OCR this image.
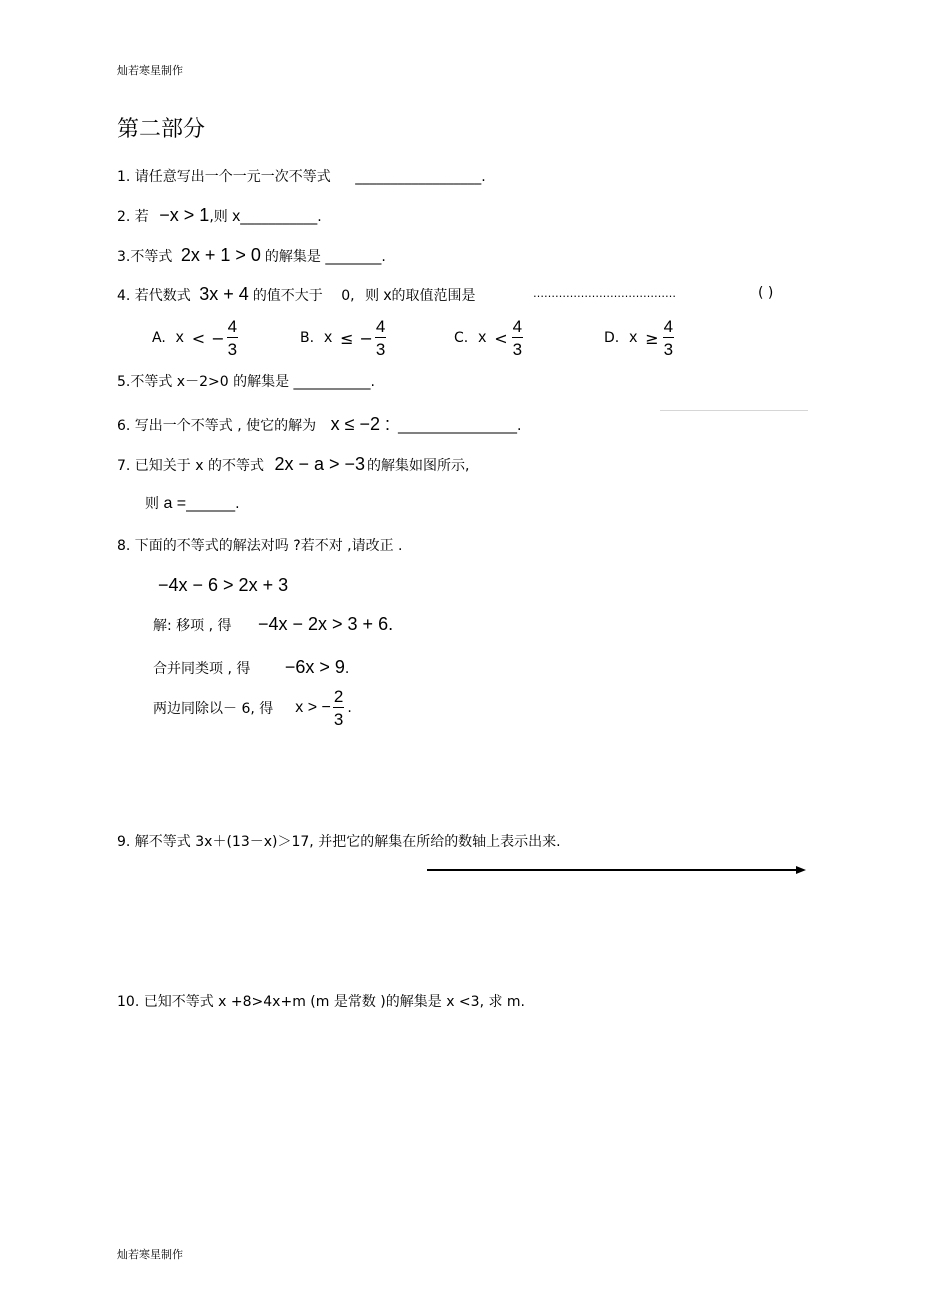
灿若寒星制作
灿若寒星制作
第二部分
1. 请任意写出一个一元一次不等式 __________________.
2. 若 −x > 1,则 x___________.
3.不等式 2x + 1 > 0 的解集是 ________.
4. 若代数式 3x + 4 的值不大于 0, 则 x的取值范围是	…………………………………	( )
A. x < − $\frac{4}{3}$	B. x ≤ − $\frac{4}{3}$	C. $x < \frac{4}{3}$	D. $x \ge \frac{4}{3}$
5.不等式 x－2>0 的解集是 ___________.
6. 写出一个不等式 , 使它的解为 x ≤ −2 : _________________.
7. 已知关于 x 的不等式 2x − a > −3 的解集如图所示,
则 a =_______.
8. 下面的不等式的解法对吗 ?若不对 ,请改正 .
−4x − 6 > 2x + 3
解: 移项 , 得 −4x − 2x > 3 + 6.
合并同类项 , 得 −6x > 9.
两边同除以－ 6, 得 x > − $\frac{2}{3}$ .
9. 解不等式 3x＋(13－x)＞17, 并把它的解集在所给的数轴上表示出来.
10. 已知不等式 x +8>4x+m (m 是常数 )的解集是 x <3, 求 m.
